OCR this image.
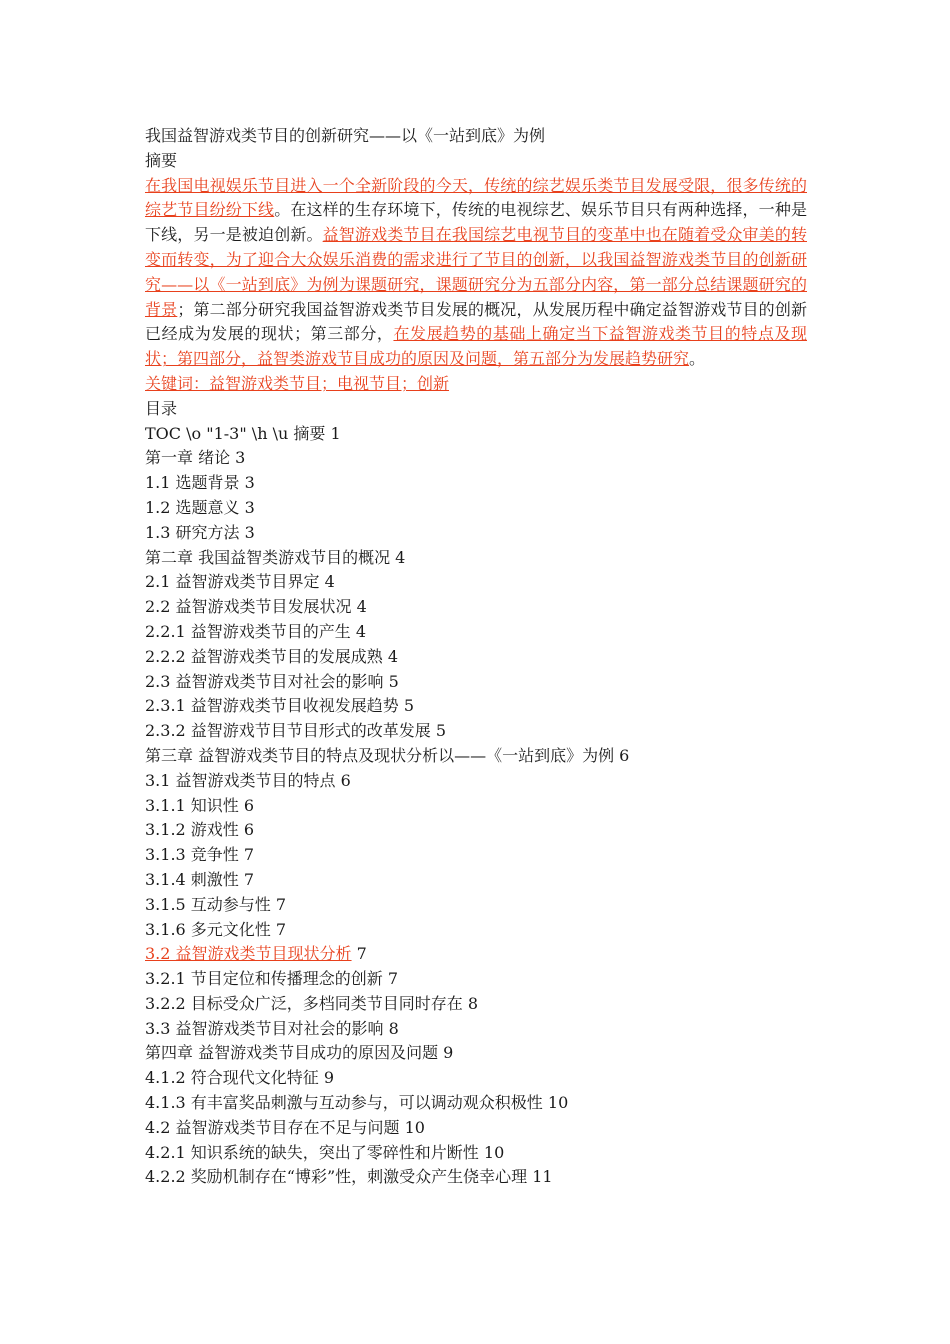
我国益智游戏类节目的创新研究——以《一站到底》为例
摘要
在我国电视娱乐节目进入一个全新阶段的今天，传统的综艺娱乐类节目发展受限，很多传统的综艺节目纷纷下线。在这样的生存环境下，传统的电视综艺、娱乐节目只有两种选择，一种是下线，另一是被迫创新。益智游戏类节目在我国综艺电视节目的变革中也在随着受众审美的转变而转变，为了迎合大众娱乐消费的需求进行了节目的创新，以我国益智游戏类节目的创新研究——以《一站到底》为例为课题研究，课题研究分为五部分内容，第一部分总结课题研究的背景；第二部分研究我国益智游戏类节目发展的概况，从发展历程中确定益智游戏节目的创新已经成为发展的现状；第三部分，在发展趋势的基础上确定当下益智游戏类节目的特点及现状；第四部分，益智类游戏节目成功的原因及问题，第五部分为发展趋势研究。
关键词：益智游戏类节目；电视节目；创新
目录
TOC \o "1-3" \h \u 摘要 1
第一章 绪论 3
1.1 选题背景 3
1.2 选题意义 3
1.3 研究方法 3
第二章 我国益智类游戏节目的概况 4
2.1 益智游戏类节目界定 4
2.2 益智游戏类节目发展状况 4
2.2.1 益智游戏类节目的产生 4
2.2.2 益智游戏类节目的发展成熟 4
2.3 益智游戏类节目对社会的影响 5
2.3.1 益智游戏类节目收视发展趋势 5
2.3.2 益智游戏节目节目形式的改革发展 5
第三章 益智游戏类节目的特点及现状分析以——《一站到底》为例 6
3.1 益智游戏类节目的特点 6
3.1.1 知识性 6
3.1.2 游戏性 6
3.1.3 竞争性 7
3.1.4 刺激性 7
3.1.5 互动参与性 7
3.1.6 多元文化性 7
3.2 益智游戏类节目现状分析 7
3.2.1 节目定位和传播理念的创新 7
3.2.2 目标受众广泛，多档同类节目同时存在 8
3.3 益智游戏类节目对社会的影响 8
第四章 益智游戏类节目成功的原因及问题 9
4.1.2 符合现代文化特征 9
4.1.3 有丰富奖品刺激与互动参与，可以调动观众积极性 10
4.2 益智游戏类节目存在不足与问题 10
4.2.1 知识系统的缺失，突出了零碎性和片断性 10
4.2.2 奖励机制存在“博彩”性，刺激受众产生侥幸心理 11
